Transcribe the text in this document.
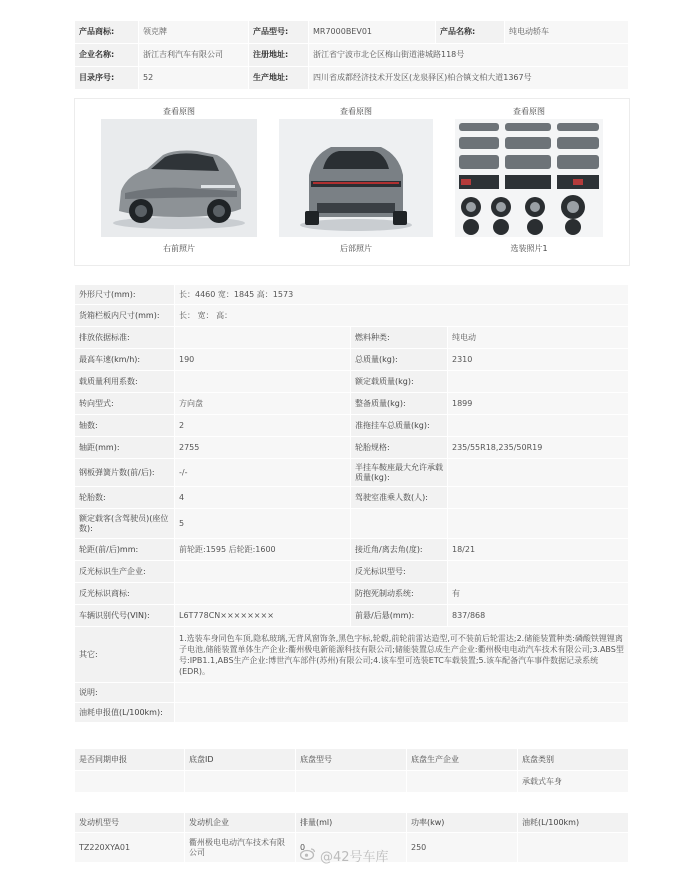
产品商标:	领克牌	产品型号:	MR7000BEV01	产品名称:	纯电动轿车
企业名称:	浙江吉利汽车有限公司	注册地址:	浙江省宁波市北仑区梅山街道港城路118号		
目录序号:	52	生产地址:	四川省成都经济技术开发区(龙泉驿区)柏合镇文柏大道1367号		
查看原图
右前照片
查看原图
后部照片
查看原图
选装照片1
外形尺寸(mm):	长：4460 宽：1845 高：1573		
货箱栏板内尺寸(mm):	长： 宽： 高：		
排放依据标准:		燃料种类:	纯电动
最高车速(km/h):	190	总质量(kg):	2310
载质量利用系数:		额定载质量(kg):	
转向型式:	方向盘	整备质量(kg):	1899
轴数:	2	准拖挂车总质量(kg):	
轴距(mm):	2755	轮胎规格:	235/55R18,235/50R19
钢板弹簧片数(前/后):	-/-	半挂车鞍座最大允许承载质量(kg):	
轮胎数:	4	驾驶室准乘人数(人):	
额定载客(含驾驶员)(座位数):	5		
轮距(前/后)mm:	前轮距:1595 后轮距:1600	接近角/离去角(度):	18/21
反光标识生产企业:		反光标识型号:	
反光标识商标:		防抱死制动系统:	有
车辆识别代号(VIN):	L6T778CN××××××××	前悬/后悬(mm):	837/868
其它:	1.选装车身同色车顶,隐私玻璃,无背风窗饰条,黑色字标,轮毂,前轮前雷达造型,可不装前后轮雷达;2.储能装置种类:磷酸铁锂锂离子电池,储能装置单体生产企业:衢州极电新能源科技有限公司;储能装置总成生产企业:衢州极电电动汽车技术有限公司;3.ABS型号:IPB1.1,ABS生产企业:博世汽车部件(苏州)有限公司;4.该车型可选装ETC车载装置;5.该车配备汽车事件数据记录系统(EDR)。		
说明:			
油耗申报值(L/100km):			
是否同期申报	底盘ID	底盘型号	底盘生产企业	底盘类别
				承载式车身
发动机型号	发动机企业	排量(ml)	功率(kw)	油耗(L/100km)
TZ220XYA01	衢州极电电动汽车技术有限公司	0	250	
@42号车库
